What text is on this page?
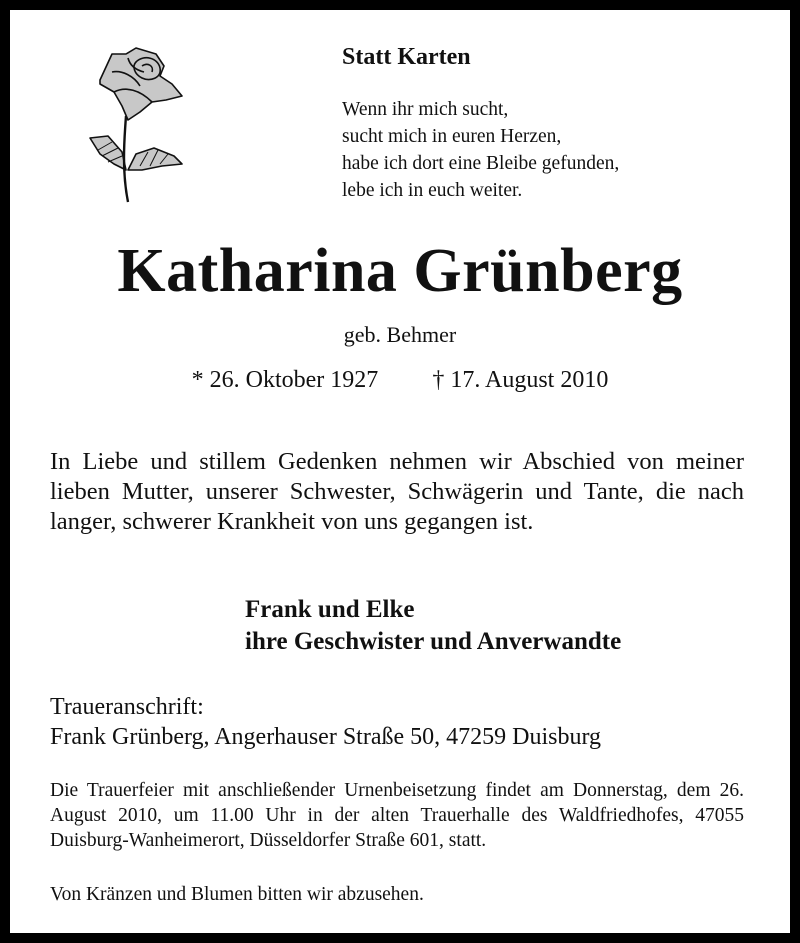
Statt Karten
Wenn ihr mich sucht,
sucht mich in euren Herzen,
habe ich dort eine Bleibe gefunden,
lebe ich in euch weiter.
Katharina Grünberg
geb. Behmer
* 26. Oktober 1927 † 17. August 2010
In Liebe und stillem Gedenken nehmen wir Abschied von meiner lieben Mutter, unserer Schwester, Schwägerin und Tante, die nach langer, schwerer Krankheit von uns gegangen ist.
Frank und Elke
ihre Geschwister und Anverwandte
Traueranschrift:
Frank Grünberg, Angerhauser Straße 50, 47259 Duisburg
Die Trauerfeier mit anschließender Urnenbeisetzung findet am Donnerstag, dem 26. August 2010, um 11.00 Uhr in der alten Trauerhalle des Waldfriedhofes, 47055 Duisburg-Wanheimerort, Düsseldorfer Straße 601, statt.
Von Kränzen und Blumen bitten wir abzusehen.
